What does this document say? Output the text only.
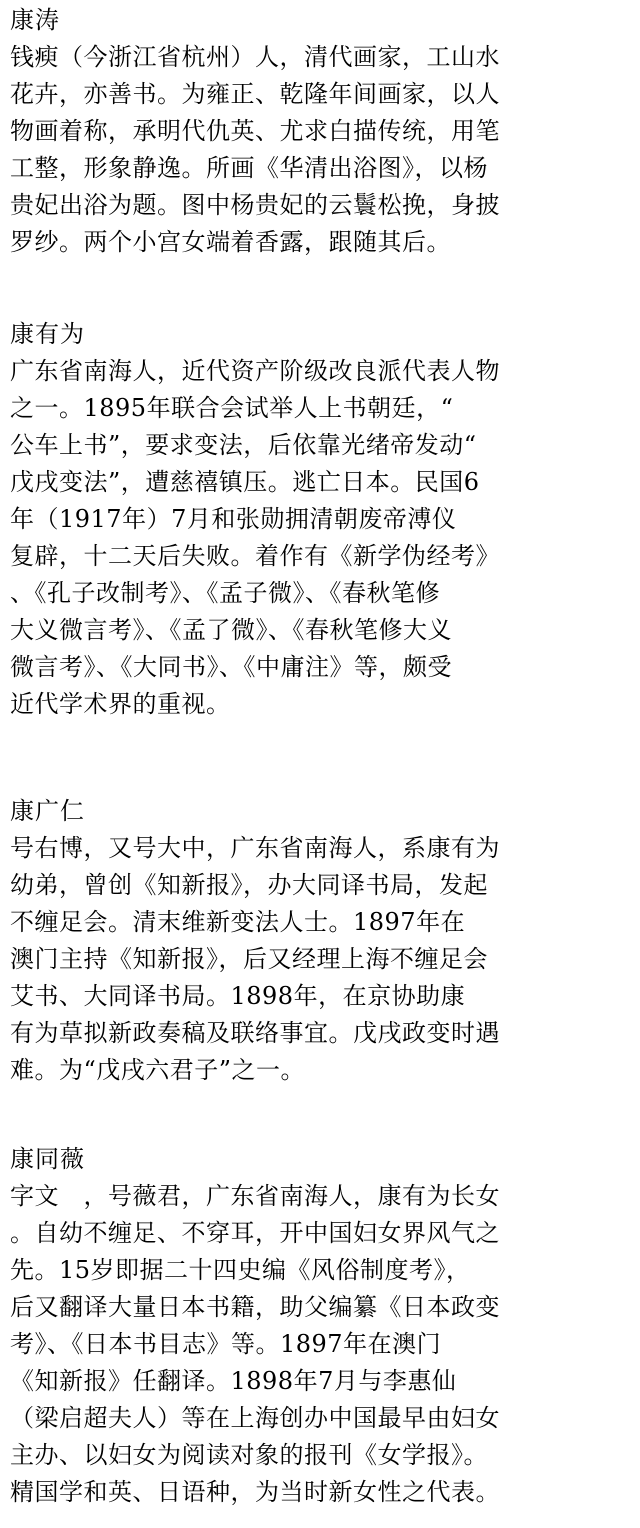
康涛
钱瘐（今浙江省杭州）人，清代画家，工山水
花卉，亦善书。为雍正、乾隆年间画家，以人
物画着称，承明代仇英、尤求白描传统，用笔
工整，形象静逸。所画《华清出浴图》，以杨
贵妃出浴为题。图中杨贵妃的云鬟松挽，身披
罗纱。两个小宫女端着香露，跟随其后。
康有为
广东省南海人，近代资产阶级改良派代表人物
之一。1895年联合会试举人上书朝廷，“
公车上书”，要求变法，后依靠光绪帝发动“
戊戌变法”，遭慈禧镇压。逃亡日本。民国6
年（1917年）7月和张勋拥清朝废帝溥仪
复辟，十二天后失败。着作有《新学伪经考》
、《孔子改制考》、《孟子微》、《春秋笔修
大义微言考》、《孟了微》、《春秋笔修大义
微言考》、《大同书》、《中庸注》等，颇受
近代学术界的重视。
康广仁
号右博，又号大中，广东省南海人，系康有为
幼弟，曾创《知新报》，办大同译书局，发起
不缠足会。清末维新变法人士。1897年在
澳门主持《知新报》，后又经理上海不缠足会
艾书、大同译书局。1898年，在京协助康
有为草拟新政奏稿及联络事宜。戊戌政变时遇
难。为“戊戌六君子”之一。
康同薇
字文　，号薇君，广东省南海人，康有为长女
。自幼不缠足、不穿耳，开中国妇女界风气之
先。15岁即据二十四史编《风俗制度考》，
后又翻译大量日本书籍，助父编纂《日本政变
考》、《日本书目志》等。1897年在澳门
《知新报》任翻译。1898年7月与李惠仙
（梁启超夫人）等在上海创办中国最早由妇女
主办、以妇女为阅读对象的报刊《女学报》。
精国学和英、日语种，为当时新女性之代表。
